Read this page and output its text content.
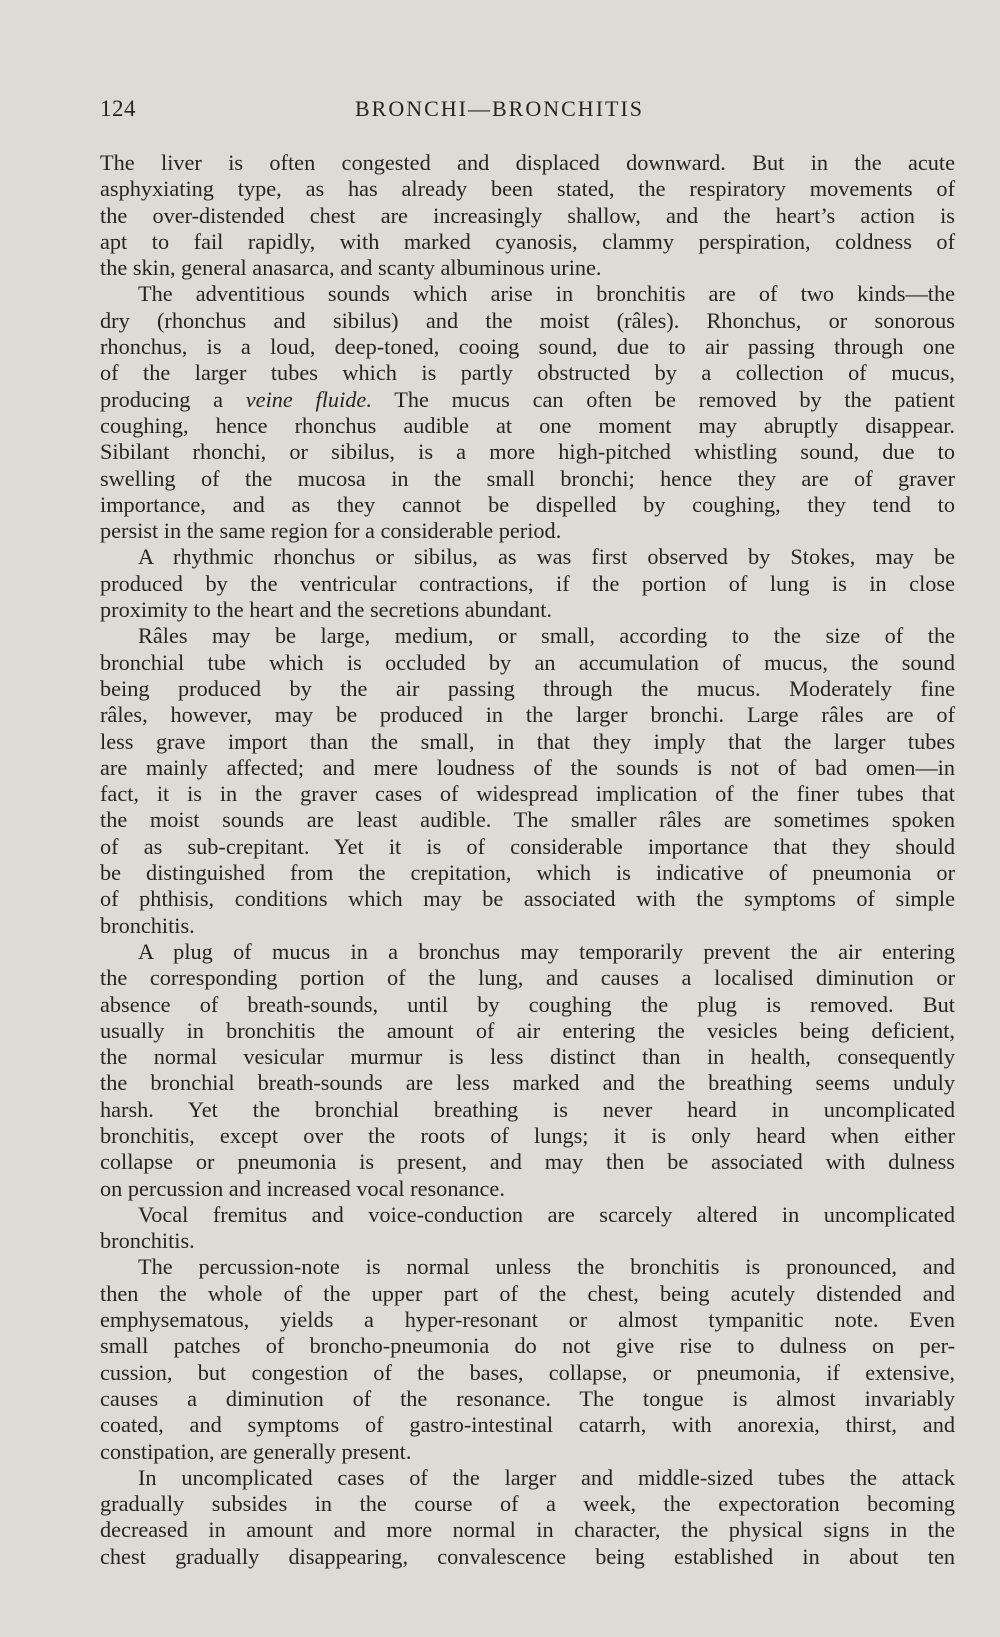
124	BRONCHI—BRONCHITIS
The liver is often congested and displaced downward. But in the acute
asphyxiating type, as has already been stated, the respiratory movements of
the over-distended chest are increasingly shallow, and the heart’s action is
apt to fail rapidly, with marked cyanosis, clammy perspiration, coldness of
the skin, general anasarca, and scanty albuminous urine.
The adventitious sounds which arise in bronchitis are of two kinds—the
dry (rhonchus and sibilus) and the moist (râles). Rhonchus, or sonorous
rhonchus, is a loud, deep-toned, cooing sound, due to air passing through one
of the larger tubes which is partly obstructed by a collection of mucus,
producing a veine fluide. The mucus can often be removed by the patient
coughing, hence rhonchus audible at one moment may abruptly disappear.
Sibilant rhonchi, or sibilus, is a more high-pitched whistling sound, due to
swelling of the mucosa in the small bronchi; hence they are of graver
importance, and as they cannot be dispelled by coughing, they tend to
persist in the same region for a considerable period.
A rhythmic rhonchus or sibilus, as was first observed by Stokes, may be
produced by the ventricular contractions, if the portion of lung is in close
proximity to the heart and the secretions abundant.
Râles may be large, medium, or small, according to the size of the
bronchial tube which is occluded by an accumulation of mucus, the sound
being produced by the air passing through the mucus. Moderately fine
râles, however, may be produced in the larger bronchi. Large râles are of
less grave import than the small, in that they imply that the larger tubes
are mainly affected; and mere loudness of the sounds is not of bad omen—in
fact, it is in the graver cases of widespread implication of the finer tubes that
the moist sounds are least audible. The smaller râles are sometimes spoken
of as sub-crepitant. Yet it is of considerable importance that they should
be distinguished from the crepitation, which is indicative of pneumonia or
of phthisis, conditions which may be associated with the symptoms of simple
bronchitis.
A plug of mucus in a bronchus may temporarily prevent the air entering
the corresponding portion of the lung, and causes a localised diminution or
absence of breath-sounds, until by coughing the plug is removed. But
usually in bronchitis the amount of air entering the vesicles being deficient,
the normal vesicular murmur is less distinct than in health, consequently
the bronchial breath-sounds are less marked and the breathing seems unduly
harsh. Yet the bronchial breathing is never heard in uncomplicated
bronchitis, except over the roots of lungs; it is only heard when either
collapse or pneumonia is present, and may then be associated with dulness
on percussion and increased vocal resonance.
Vocal fremitus and voice-conduction are scarcely altered in uncomplicated
bronchitis.
The percussion-note is normal unless the bronchitis is pronounced, and
then the whole of the upper part of the chest, being acutely distended and
emphysematous, yields a hyper-resonant or almost tympanitic note. Even
small patches of broncho-pneumonia do not give rise to dulness on per-
cussion, but congestion of the bases, collapse, or pneumonia, if extensive,
causes a diminution of the resonance. The tongue is almost invariably
coated, and symptoms of gastro-intestinal catarrh, with anorexia, thirst, and
constipation, are generally present.
In uncomplicated cases of the larger and middle-sized tubes the attack
gradually subsides in the course of a week, the expectoration becoming
decreased in amount and more normal in character, the physical signs in the
chest gradually disappearing, convalescence being established in about ten
